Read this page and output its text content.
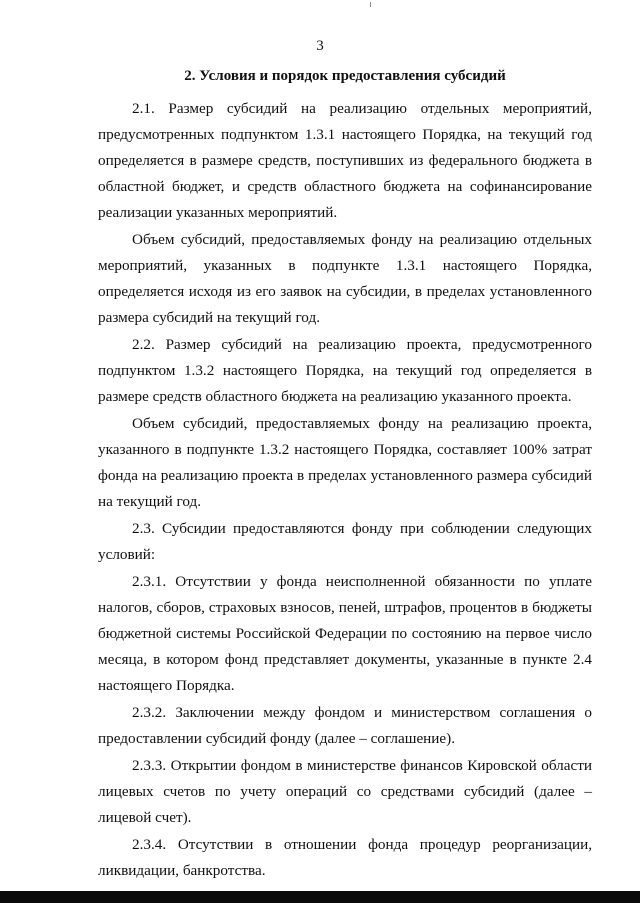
3
2. Условия и порядок предоставления субсидий

2.1. Размер субсидий на реализацию отдельных мероприятий, предусмотренных подпунктом 1.3.1 настоящего Порядка, на текущий год определяется в размере средств, поступивших из федерального бюджета в областной бюджет, и средств областного бюджета на софинансирование реализации указанных мероприятий.

Объем субсидий, предоставляемых фонду на реализацию отдельных мероприятий, указанных в подпункте 1.3.1 настоящего Порядка, определяется исходя из его заявок на субсидии, в пределах установленного размера субсидий на текущий год.

2.2. Размер субсидий на реализацию проекта, предусмотренного подпунктом 1.3.2 настоящего Порядка, на текущий год определяется в размере средств областного бюджета на реализацию указанного проекта.

Объем субсидий, предоставляемых фонду на реализацию проекта, указанного в подпункте 1.3.2 настоящего Порядка, составляет 100% затрат фонда на реализацию проекта в пределах установленного размера субсидий на текущий год.

2.3. Субсидии предоставляются фонду при соблюдении следующих условий:

2.3.1. Отсутствии у фонда неисполненной обязанности по уплате налогов, сборов, страховых взносов, пеней, штрафов, процентов в бюджеты бюджетной системы Российской Федерации по состоянию на первое число месяца, в котором фонд представляет документы, указанные в пункте 2.4 настоящего Порядка.

2.3.2. Заключении между фондом и министерством соглашения о предоставлении субсидий фонду (далее – соглашение).

2.3.3. Открытии фондом в министерстве финансов Кировской области лицевых счетов по учету операций со средствами субсидий (далее – лицевой счет).

2.3.4. Отсутствии в отношении фонда процедур реорганизации, ликвидации, банкротства.
